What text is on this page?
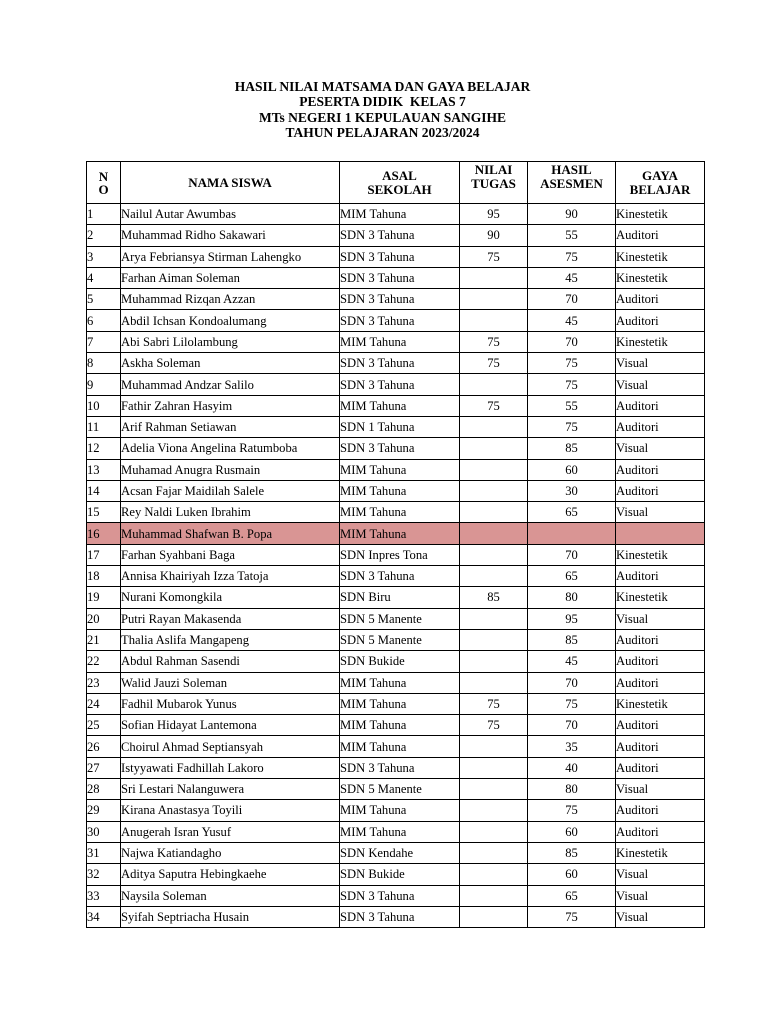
HASIL NILAI MATSAMA DAN GAYA BELAJAR
PESERTA DIDIK  KELAS 7
MTs NEGERI 1 KEPULAUAN SANGIHE
TAHUN PELAJARAN 2023/2024
NO	NAMA SISWA	ASAL SEKOLAH	NILAI TUGAS	HASIL ASESMEN	GAYA BELAJAR
1	Nailul Autar Awumbas	MIM Tahuna	95	90	Kinestetik
2	Muhammad Ridho Sakawari	SDN 3 Tahuna	90	55	Auditori
3	Arya Febriansya Stirman Lahengko	SDN 3 Tahuna	75	75	Kinestetik
4	Farhan Aiman Soleman	SDN 3 Tahuna		45	Kinestetik
5	Muhammad Rizqan Azzan	SDN 3 Tahuna		70	Auditori
6	Abdil Ichsan Kondoalumang	SDN 3 Tahuna		45	Auditori
7	Abi Sabri Lilolambung	MIM Tahuna	75	70	Kinestetik
8	Askha Soleman	SDN 3 Tahuna	75	75	Visual
9	Muhammad Andzar Salilo	SDN 3 Tahuna		75	Visual
10	Fathir Zahran Hasyim	MIM Tahuna	75	55	Auditori
11	Arif Rahman Setiawan	SDN 1 Tahuna		75	Auditori
12	Adelia Viona Angelina Ratumboba	SDN 3 Tahuna		85	Visual
13	Muhamad Anugra Rusmain	MIM Tahuna		60	Auditori
14	Acsan Fajar Maidilah Salele	MIM Tahuna		30	Auditori
15	Rey Naldi Luken Ibrahim	MIM Tahuna		65	Visual
16	Muhammad Shafwan B. Popa	MIM Tahuna			
17	Farhan Syahbani Baga	SDN Inpres Tona		70	Kinestetik
18	Annisa Khairiyah Izza Tatoja	SDN 3 Tahuna		65	Auditori
19	Nurani Komongkila	SDN Biru	85	80	Kinestetik
20	Putri Rayan Makasenda	SDN 5 Manente		95	Visual
21	Thalia Aslifa Mangapeng	SDN 5 Manente		85	Auditori
22	Abdul Rahman Sasendi	SDN Bukide		45	Auditori
23	Walid Jauzi Soleman	MIM Tahuna		70	Auditori
24	Fadhil Mubarok Yunus	MIM Tahuna	75	75	Kinestetik
25	Sofian Hidayat Lantemona	MIM Tahuna	75	70	Auditori
26	Choirul Ahmad Septiansyah	MIM Tahuna		35	Auditori
27	Istyyawati Fadhillah Lakoro	SDN 3 Tahuna		40	Auditori
28	Sri Lestari Nalanguwera	SDN 5 Manente		80	Visual
29	Kirana Anastasya Toyili	MIM Tahuna		75	Auditori
30	Anugerah Isran Yusuf	MIM Tahuna		60	Auditori
31	Najwa Katiandagho	SDN Kendahe		85	Kinestetik
32	Aditya Saputra Hebingkaehe	SDN Bukide		60	Visual
33	Naysila Soleman	SDN 3 Tahuna		65	Visual
34	Syifah Septriacha Husain	SDN 3 Tahuna		75	Visual
